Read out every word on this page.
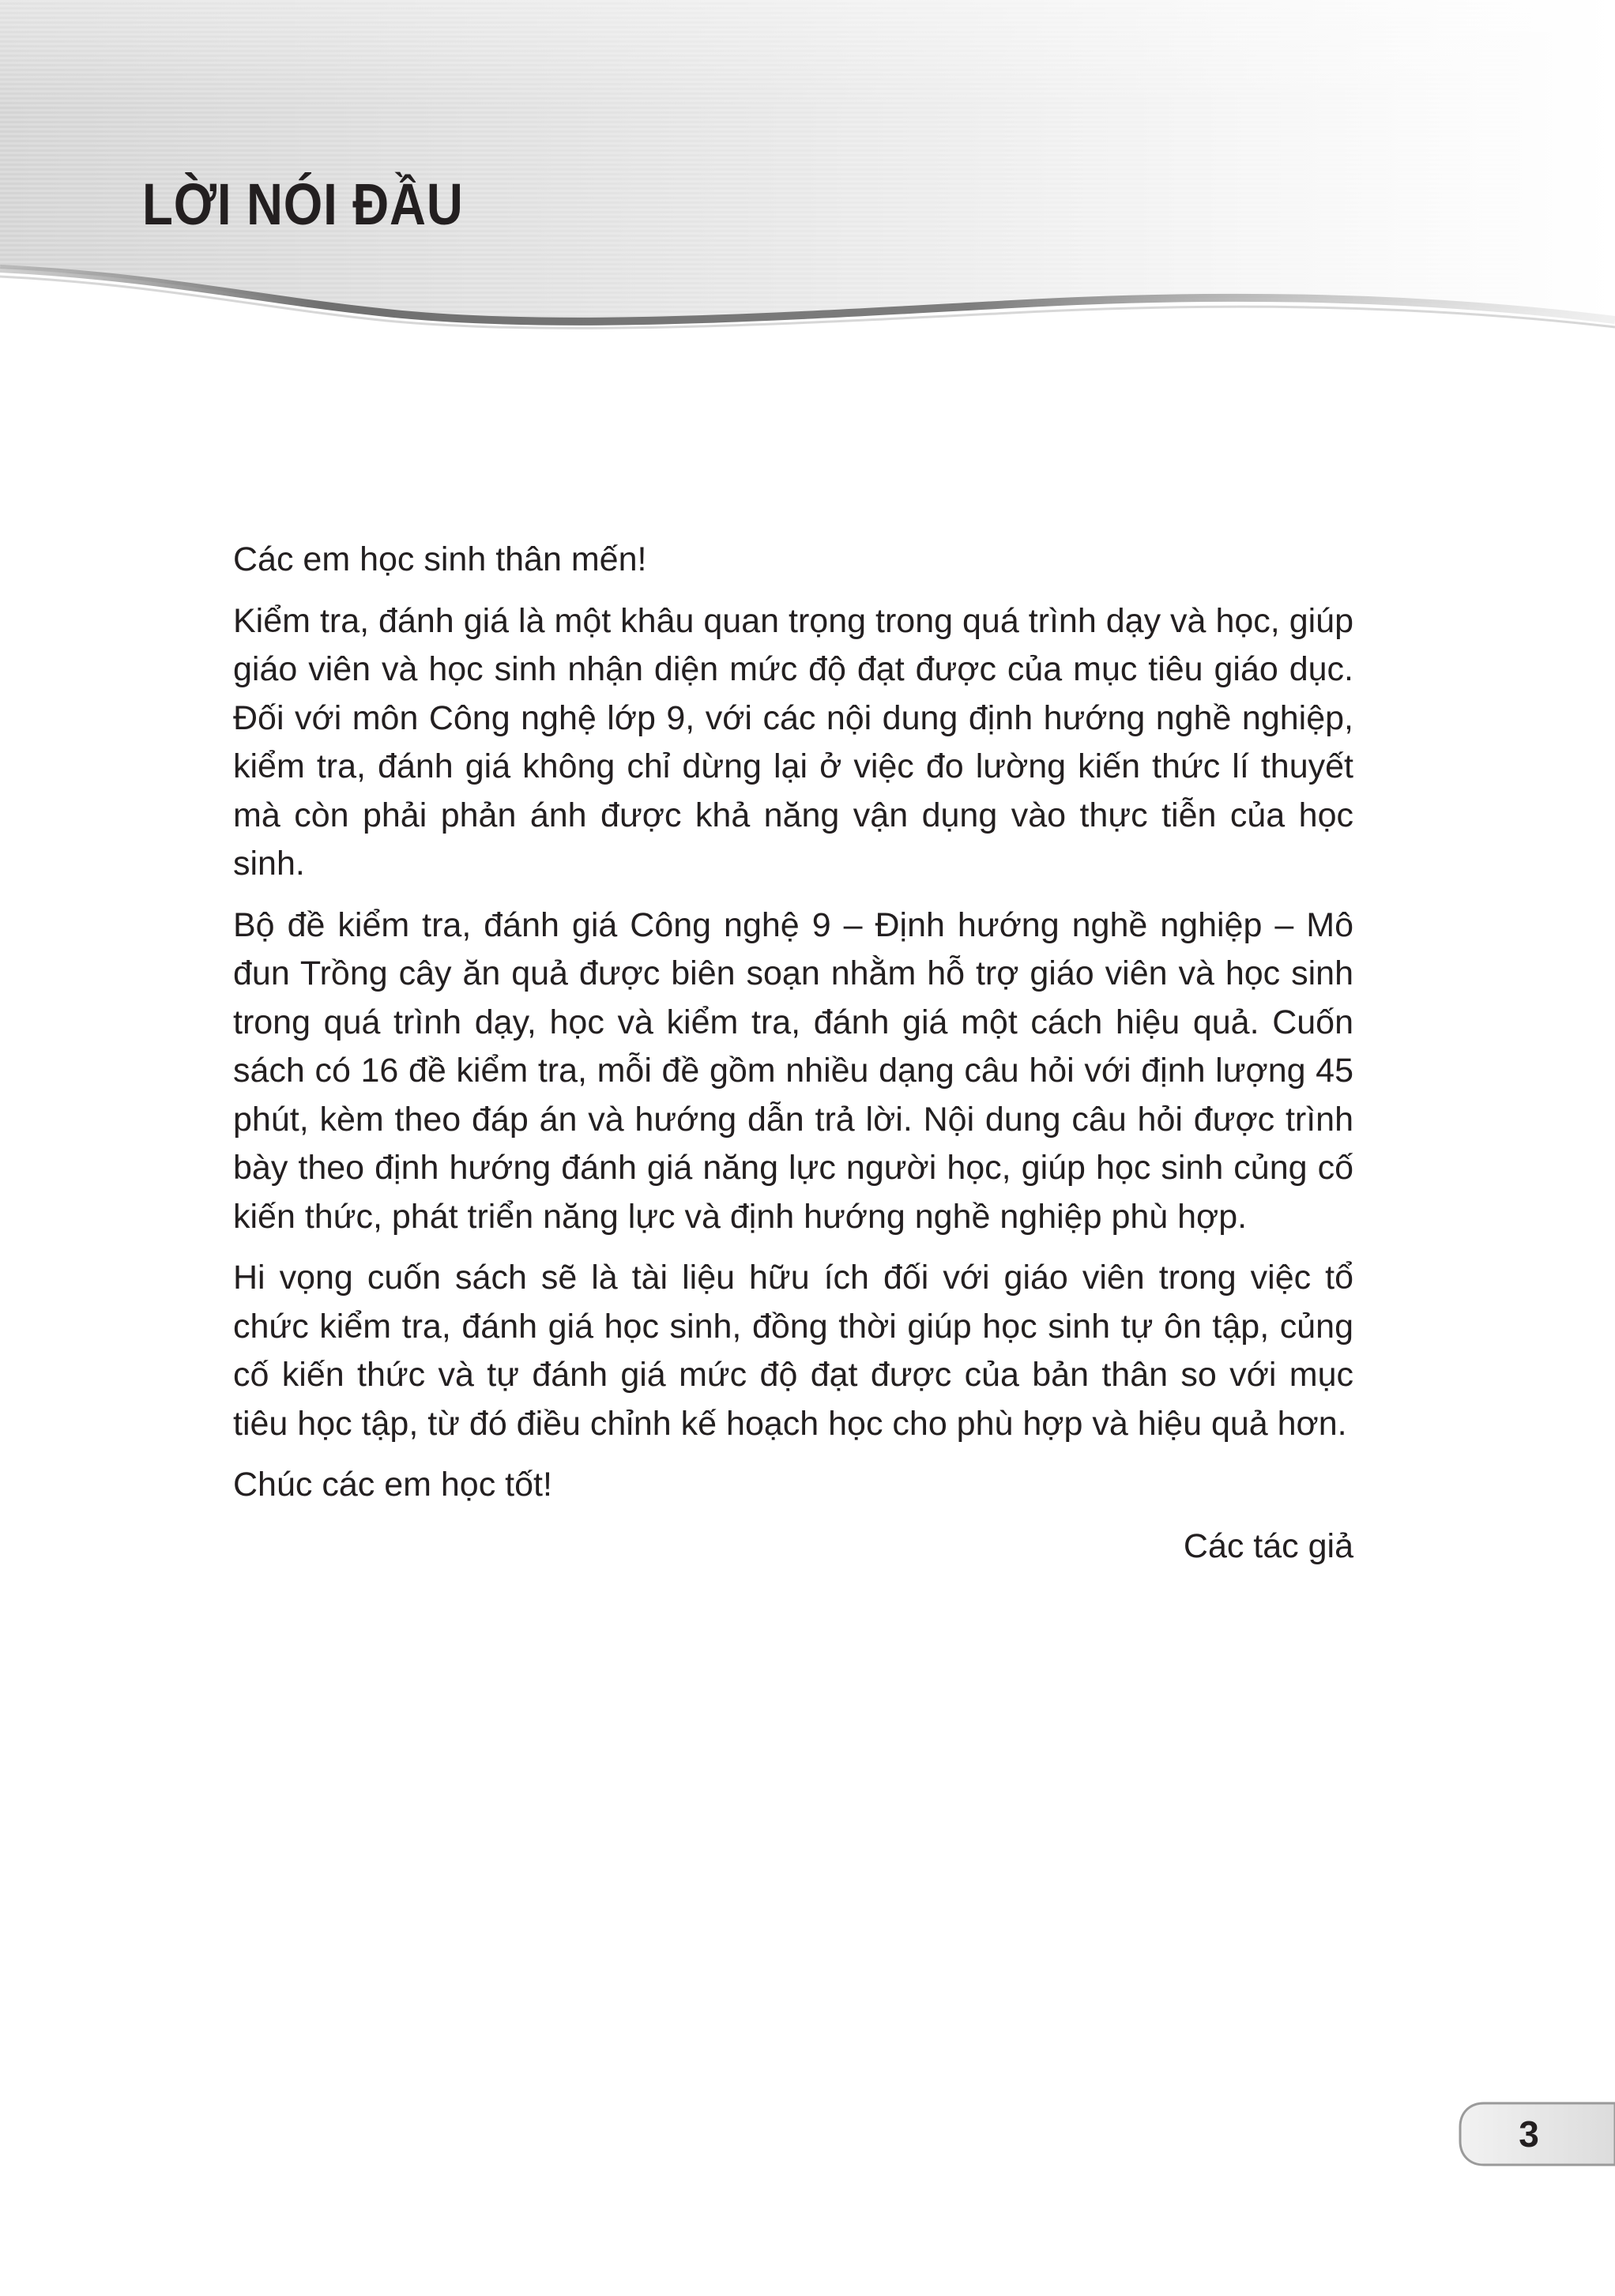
LỜI NÓI ĐẦU

Các em học sinh thân mến!

Kiểm tra, đánh giá là một khâu quan trọng trong quá trình dạy và học, giúp giáo viên và học sinh nhận diện mức độ đạt được của mục tiêu giáo dục. Đối với môn Công nghệ lớp 9, với các nội dung định hướng nghề nghiệp, kiểm tra, đánh giá không chỉ dừng lại ở việc đo lường kiến thức lí thuyết mà còn phải phản ánh được khả năng vận dụng vào thực tiễn của học sinh.

Bộ đề kiểm tra, đánh giá Công nghệ 9 – Định hướng nghề nghiệp – Mô đun Trồng cây ăn quả được biên soạn nhằm hỗ trợ giáo viên và học sinh trong quá trình dạy, học và kiểm tra, đánh giá một cách hiệu quả. Cuốn sách có 16 đề kiểm tra, mỗi đề gồm nhiều dạng câu hỏi với định lượng 45 phút, kèm theo đáp án và hướng dẫn trả lời. Nội dung câu hỏi được trình bày theo định hướng đánh giá năng lực người học, giúp học sinh củng cố kiến thức, phát triển năng lực và định hướng nghề nghiệp phù hợp.

Hi vọng cuốn sách sẽ là tài liệu hữu ích đối với giáo viên trong việc tổ chức kiểm tra, đánh giá học sinh, đồng thời giúp học sinh tự ôn tập, củng cố kiến thức và tự đánh giá mức độ đạt được của bản thân so với mục tiêu học tập, từ đó điều chỉnh kế hoạch học cho phù hợp và hiệu quả hơn.

Chúc các em học tốt!

Các tác giả

3
